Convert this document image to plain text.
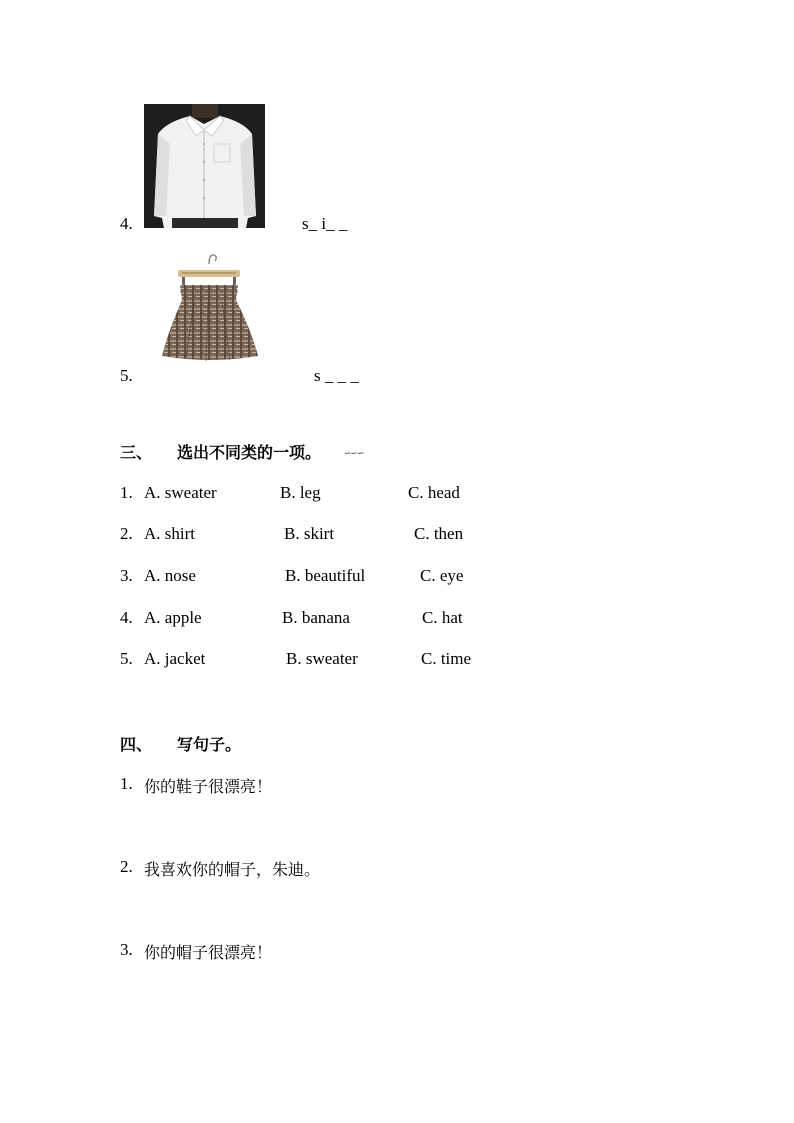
4.	s_ i_ _
5.	s _ _ _
三、 选出不同类的一项。	∽∽∽
1. A. sweater	B. leg	C. head
2. A. shirt	B. skirt	C. then
3. A. nose	B. beautiful	C. eye
4. A. apple	B. banana	C. hat
5. A. jacket	B. sweater	C. time
四、 写句子。
1. 你的鞋子很漂亮！
2. 我喜欢你的帽子，朱迪。
3. 你的帽子很漂亮！
